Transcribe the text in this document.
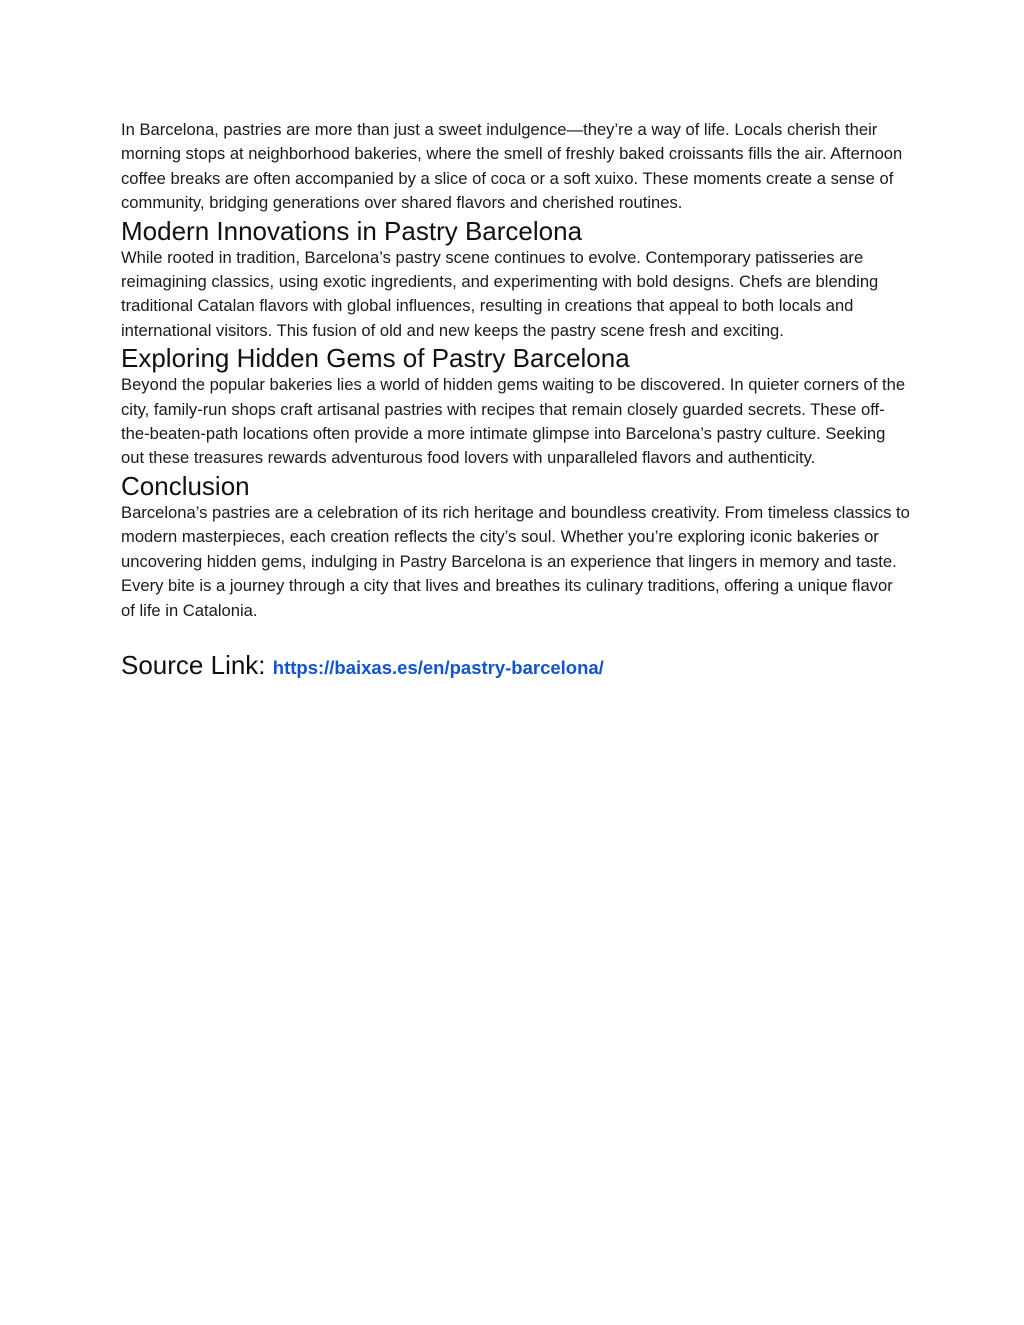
In Barcelona, pastries are more than just a sweet indulgence—they’re a way of life. Locals cherish their morning stops at neighborhood bakeries, where the smell of freshly baked croissants fills the air. Afternoon coffee breaks are often accompanied by a slice of coca or a soft xuixo. These moments create a sense of community, bridging generations over shared flavors and cherished routines.

Modern Innovations in Pastry Barcelona

While rooted in tradition, Barcelona’s pastry scene continues to evolve. Contemporary patisseries are reimagining classics, using exotic ingredients, and experimenting with bold designs. Chefs are blending traditional Catalan flavors with global influences, resulting in creations that appeal to both locals and international visitors. This fusion of old and new keeps the pastry scene fresh and exciting.

Exploring Hidden Gems of Pastry Barcelona

Beyond the popular bakeries lies a world of hidden gems waiting to be discovered. In quieter corners of the city, family-run shops craft artisanal pastries with recipes that remain closely guarded secrets. These off-the-beaten-path locations often provide a more intimate glimpse into Barcelona’s pastry culture. Seeking out these treasures rewards adventurous food lovers with unparalleled flavors and authenticity.

Conclusion

Barcelona’s pastries are a celebration of its rich heritage and boundless creativity. From timeless classics to modern masterpieces, each creation reflects the city’s soul. Whether you’re exploring iconic bakeries or uncovering hidden gems, indulging in Pastry Barcelona is an experience that lingers in memory and taste. Every bite is a journey through a city that lives and breathes its culinary traditions, offering a unique flavor of life in Catalonia.

Source Link: https://baixas.es/en/pastry-barcelona/
